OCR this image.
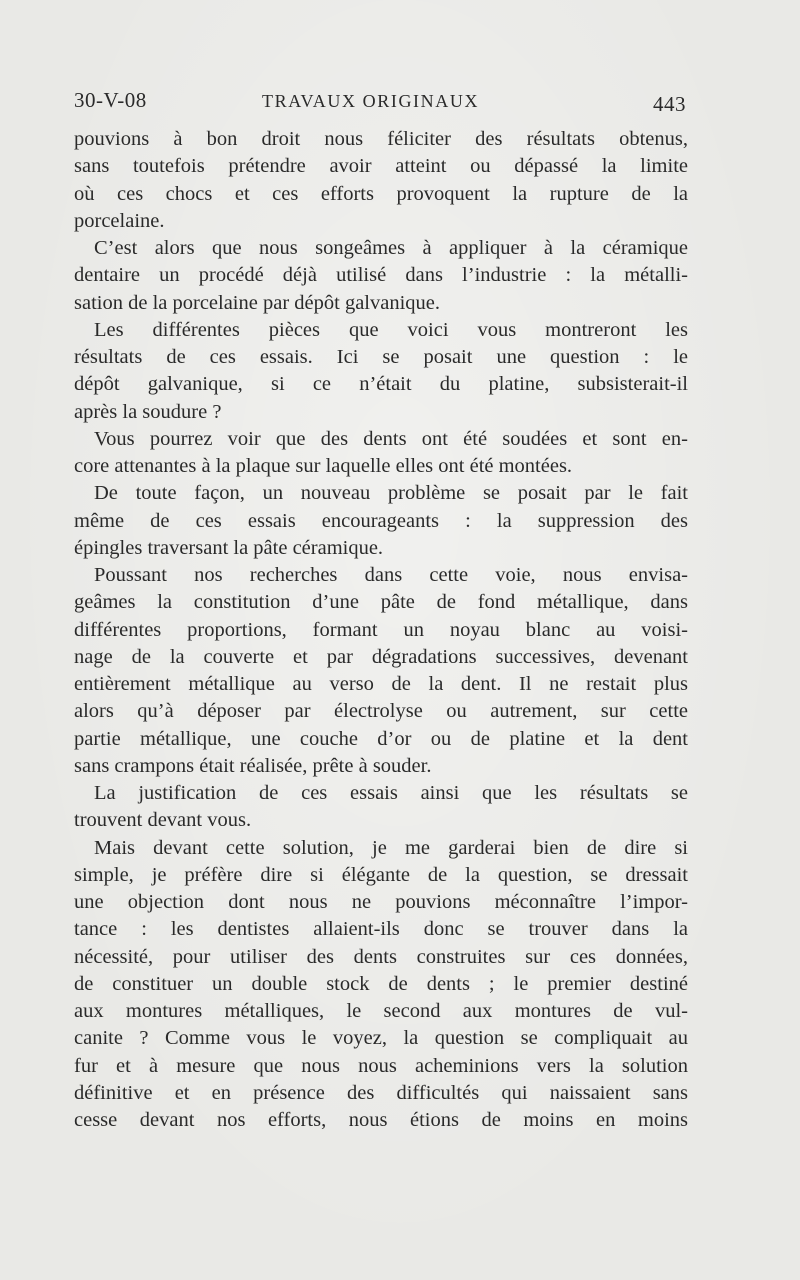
30-V-08	TRAVAUX ORIGINAUX	443
pouvions à bon droit nous féliciter des résultats obtenus,
sans toutefois prétendre avoir atteint ou dépassé la limite
où ces chocs et ces efforts provoquent la rupture de la
porcelaine.
C’est alors que nous songeâmes à appliquer à la céramique
dentaire un procédé déjà utilisé dans l’industrie : la métalli-
sation de la porcelaine par dépôt galvanique.
Les différentes pièces que voici vous montreront les
résultats de ces essais. Ici se posait une question : le
dépôt galvanique, si ce n’était du platine, subsisterait-il
après la soudure ?
Vous pourrez voir que des dents ont été soudées et sont en-
core attenantes à la plaque sur laquelle elles ont été montées.
De toute façon, un nouveau problème se posait par le fait
même de ces essais encourageants : la suppression des
épingles traversant la pâte céramique.
Poussant nos recherches dans cette voie, nous envisa-
geâmes la constitution d’une pâte de fond métallique, dans
différentes proportions, formant un noyau blanc au voisi-
nage de la couverte et par dégradations successives, devenant
entièrement métallique au verso de la dent. Il ne restait plus
alors qu’à déposer par électrolyse ou autrement, sur cette
partie métallique, une couche d’or ou de platine et la dent
sans crampons était réalisée, prête à souder.
La justification de ces essais ainsi que les résultats se
trouvent devant vous.
Mais devant cette solution, je me garderai bien de dire si
simple, je préfère dire si élégante de la question, se dressait
une objection dont nous ne pouvions méconnaître l’impor-
tance : les dentistes allaient-ils donc se trouver dans la
nécessité, pour utiliser des dents construites sur ces données,
de constituer un double stock de dents ; le premier destiné
aux montures métalliques, le second aux montures de vul-
canite ? Comme vous le voyez, la question se compliquait au
fur et à mesure que nous nous acheminions vers la solution
définitive et en présence des difficultés qui naissaient sans
cesse devant nos efforts, nous étions de moins en moins
